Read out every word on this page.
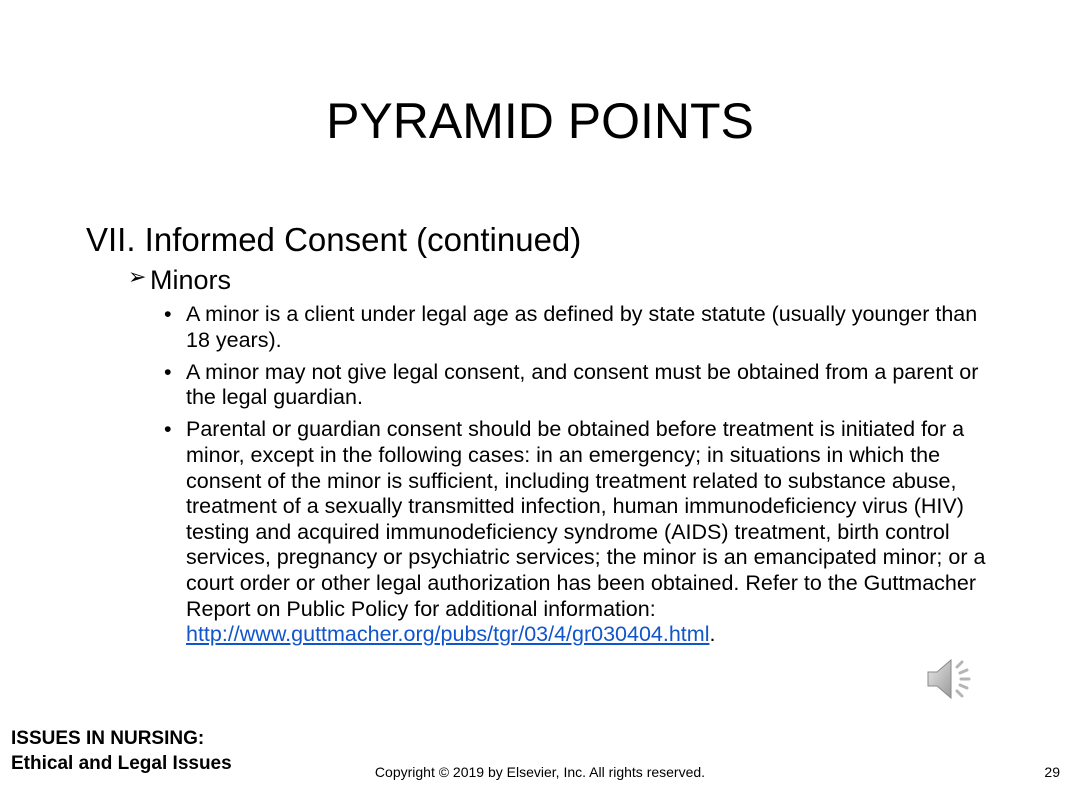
PYRAMID POINTS
VII. Informed Consent (continued)
➢ Minors
• A minor is a client under legal age as defined by state statute (usually younger than 18 years).
• A minor may not give legal consent, and consent must be obtained from a parent or the legal guardian.
• Parental or guardian consent should be obtained before treatment is initiated for a minor, except in the following cases: in an emergency; in situations in which the consent of the minor is sufficient, including treatment related to substance abuse, treatment of a sexually transmitted infection, human immunodeficiency virus (HIV) testing and acquired immunodeficiency syndrome (AIDS) treatment, birth control services, pregnancy or psychiatric services; the minor is an emancipated minor; or a court order or other legal authorization has been obtained. Refer to the Guttmacher Report on Public Policy for additional information: http://www.guttmacher.org/pubs/tgr/03/4/gr030404.html.
ISSUES IN NURSING:
Ethical and Legal Issues	Copyright © 2019 by Elsevier, Inc. All rights reserved.	29
